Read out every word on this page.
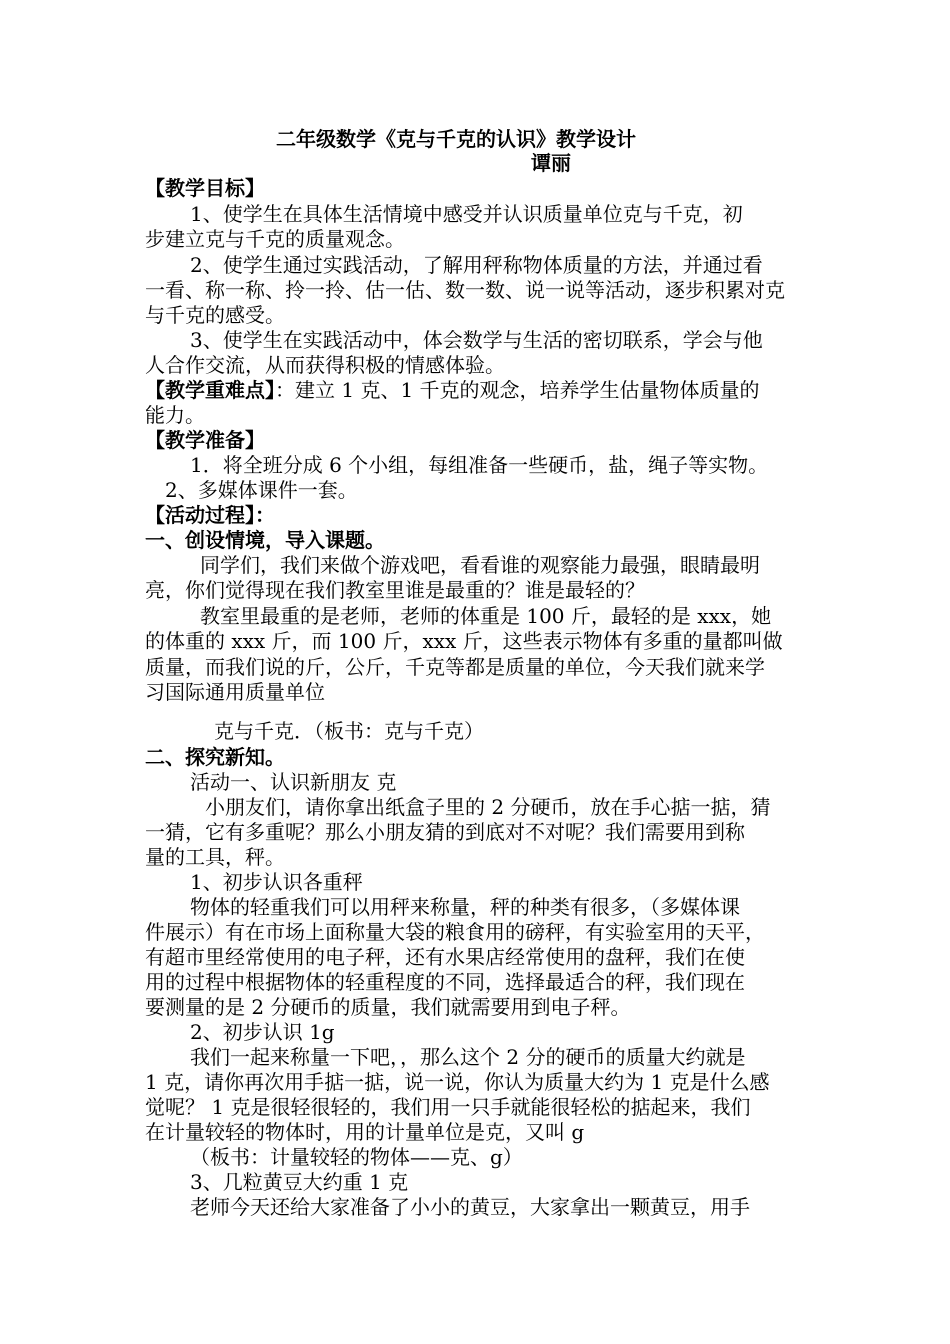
二年级数学《克与千克的认识》教学设计
谭丽
【教学目标】
1、使学生在具体生活情境中感受并认识质量单位克与千克，初
步建立克与千克的质量观念。
2、使学生通过实践活动，了解用秤称物体质量的方法，并通过看
一看、称一称、拎一拎、估一估、数一数、说一说等活动，逐步积累对克
与千克的感受。
3、使学生在实践活动中，体会数学与生活的密切联系，学会与他
人合作交流，从而获得积极的情感体验。
【教学重难点】：建立 1 克、1 千克的观念，培养学生估量物体质量的
能力。
【教学准备】
1．将全班分成 6 个小组，每组准备一些硬币，盐，绳子等实物。
2、多媒体课件一套。
【活动过程】：
一、创设情境，导入课题。
同学们，我们来做个游戏吧，看看谁的观察能力最强，眼睛最明
亮，你们觉得现在我们教室里谁是最重的？谁是最轻的？
教室里最重的是老师，老师的体重是 100 斤，最轻的是 xxx，她
的体重的 xxx 斤，而 100 斤，xxx 斤，这些表示物体有多重的量都叫做
质量，而我们说的斤，公斤，千克等都是质量的单位，今天我们就来学
习国际通用质量单位
克与千克．（板书：克与千克）
二、探究新知。
活动一、认识新朋友 克
小朋友们，请你拿出纸盒子里的 2 分硬币，放在手心掂一掂，猜
一猜，它有多重呢？那么小朋友猜的到底对不对呢？我们需要用到称
量的工具，秤。
1、初步认识各重秤
物体的轻重我们可以用秤来称量，秤的种类有很多，（多媒体课
件展示）有在市场上面称量大袋的粮食用的磅秤，有实验室用的天平，
有超市里经常使用的电子秤，还有水果店经常使用的盘秤，我们在使
用的过程中根据物体的轻重程度的不同，选择最适合的秤，我们现在
要测量的是 2 分硬币的质量，我们就需要用到电子秤。
2、初步认识 1g
我们一起来称量一下吧，，那么这个 2 分的硬币的质量大约就是
1 克，请你再次用手掂一掂，说一说，你认为质量大约为 1 克是什么感
觉呢？ 1 克是很轻很轻的，我们用一只手就能很轻松的掂起来，我们
在计量较轻的物体时，用的计量单位是克，又叫 g
（板书：计量较轻的物体——克、g）
3、几粒黄豆大约重 1 克
老师今天还给大家准备了小小的黄豆，大家拿出一颗黄豆，用手
